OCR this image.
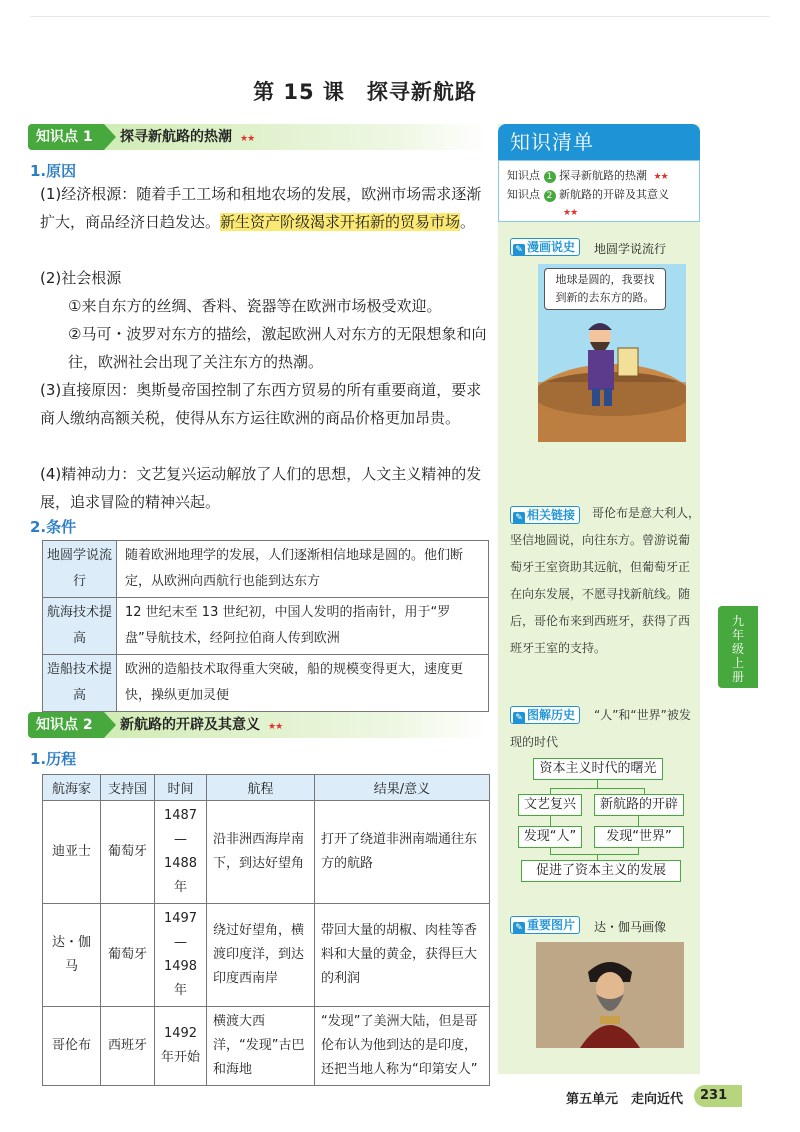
第 15 课　探寻新航路
知识点 1	探寻新航路的热潮 ★★
1.原因
(1)经济根源：随着手工工场和租地农场的发展，欧洲市场需求逐渐扩大，商品经济日趋发达。新生资产阶级渴求开拓新的贸易市场。
(2)社会根源
①来自东方的丝绸、香料、瓷器等在欧洲市场极受欢迎。
②马可・波罗对东方的描绘，激起欧洲人对东方的无限想象和向往，欧洲社会出现了关注东方的热潮。
(3)直接原因：奥斯曼帝国控制了东西方贸易的所有重要商道，要求商人缴纳高额关税，使得从东方运往欧洲的商品价格更加昂贵。
(4)精神动力：文艺复兴运动解放了人们的思想，人文主义精神的发展，追求冒险的精神兴起。
2.条件
地圆学说流行	随着欧洲地理学的发展，人们逐渐相信地球是圆的。他们断定，从欧洲向西航行也能到达东方
航海技术提高	12 世纪末至 13 世纪初，中国人发明的指南针，用于“罗盘”导航技术，经阿拉伯商人传到欧洲
造船技术提高	欧洲的造船技术取得重大突破，船的规模变得更大，速度更快，操纵更加灵便
知识点 2	新航路的开辟及其意义 ★★
1.历程
航海家	支持国	时间	航程	结果/意义
迪亚士	葡萄牙	1487—1488 年	沿非洲西海岸南下，到达好望角	打开了绕道非洲南端通往东方的航路
达・伽马	葡萄牙	1497—1498 年	绕过好望角，横渡印度洋，到达印度西南岸	带回大量的胡椒、肉桂等香料和大量的黄金，获得巨大的利润
哥伦布	西班牙	1492 年开始	横渡大西洋，“发现”古巴和海地	“发现”了美洲大陆，但是哥伦布认为他到达的是印度，还把当地人称为“印第安人”
知识清单
知识点 1 探寻新航路的热潮 ★★
知识点 2 新航路的开辟及其意义
★★
✎ 漫画说史	地圆学说流行
地球是圆的，我要找到新的去东方的路。
✎ 相关链接	哥伦布是意大利人，坚信地圆说，向往东方。曾游说葡萄牙王室资助其远航，但葡萄牙正在向东发展，不愿寻找新航线。随后，哥伦布来到西班牙，获得了西班牙王室的支持。
✎ 图解历史	“人”和“世界”被发现的时代
资本主义时代的曙光
文艺复兴	新航路的开辟
发现“人”	发现“世界”
促进了资本主义的发展
✎ 重要图片	达・伽马画像
九
年
级
上
册
第五单元　走向近代	231
